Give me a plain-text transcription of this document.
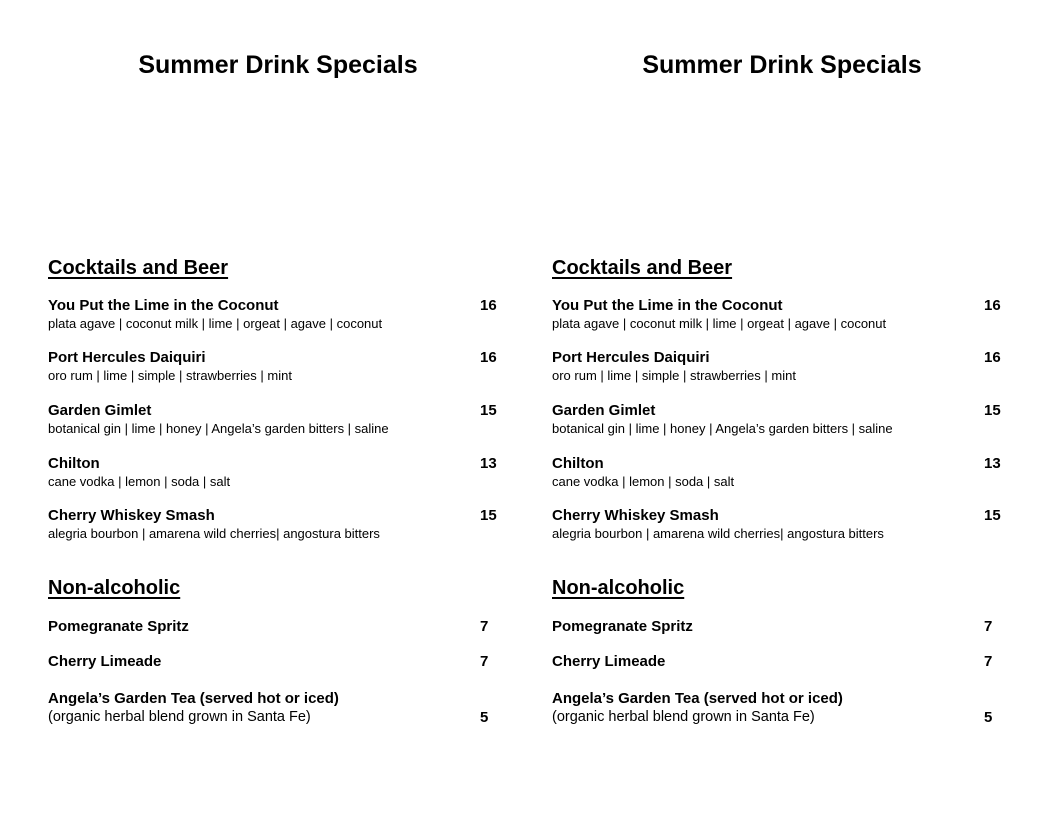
Summer Drink Specials
Cocktails and Beer
You Put the Lime in the Coconut
plata agave | coconut milk | lime | orgeat | agave | coconut
16
Port Hercules Daiquiri
oro rum | lime | simple | strawberries | mint
16
Garden Gimlet
botanical gin | lime | honey | Angela’s garden bitters | saline
15
Chilton
cane vodka | lemon | soda | salt
13
Cherry Whiskey Smash
alegria bourbon | amarena wild cherries| angostura bitters
15
Non-alcoholic
Pomegranate Spritz	7
Cherry Limeade	7
Angela’s Garden Tea (served hot or iced)
(organic herbal blend grown in Santa Fe)	5
Summer Drink Specials
Cocktails and Beer
You Put the Lime in the Coconut
plata agave | coconut milk | lime | orgeat | agave | coconut
16
Port Hercules Daiquiri
oro rum | lime | simple | strawberries | mint
16
Garden Gimlet
botanical gin | lime | honey | Angela’s garden bitters | saline
15
Chilton
cane vodka | lemon | soda | salt
13
Cherry Whiskey Smash
alegria bourbon | amarena wild cherries| angostura bitters
15
Non-alcoholic
Pomegranate Spritz	7
Cherry Limeade	7
Angela’s Garden Tea (served hot or iced)
(organic herbal blend grown in Santa Fe)	5
